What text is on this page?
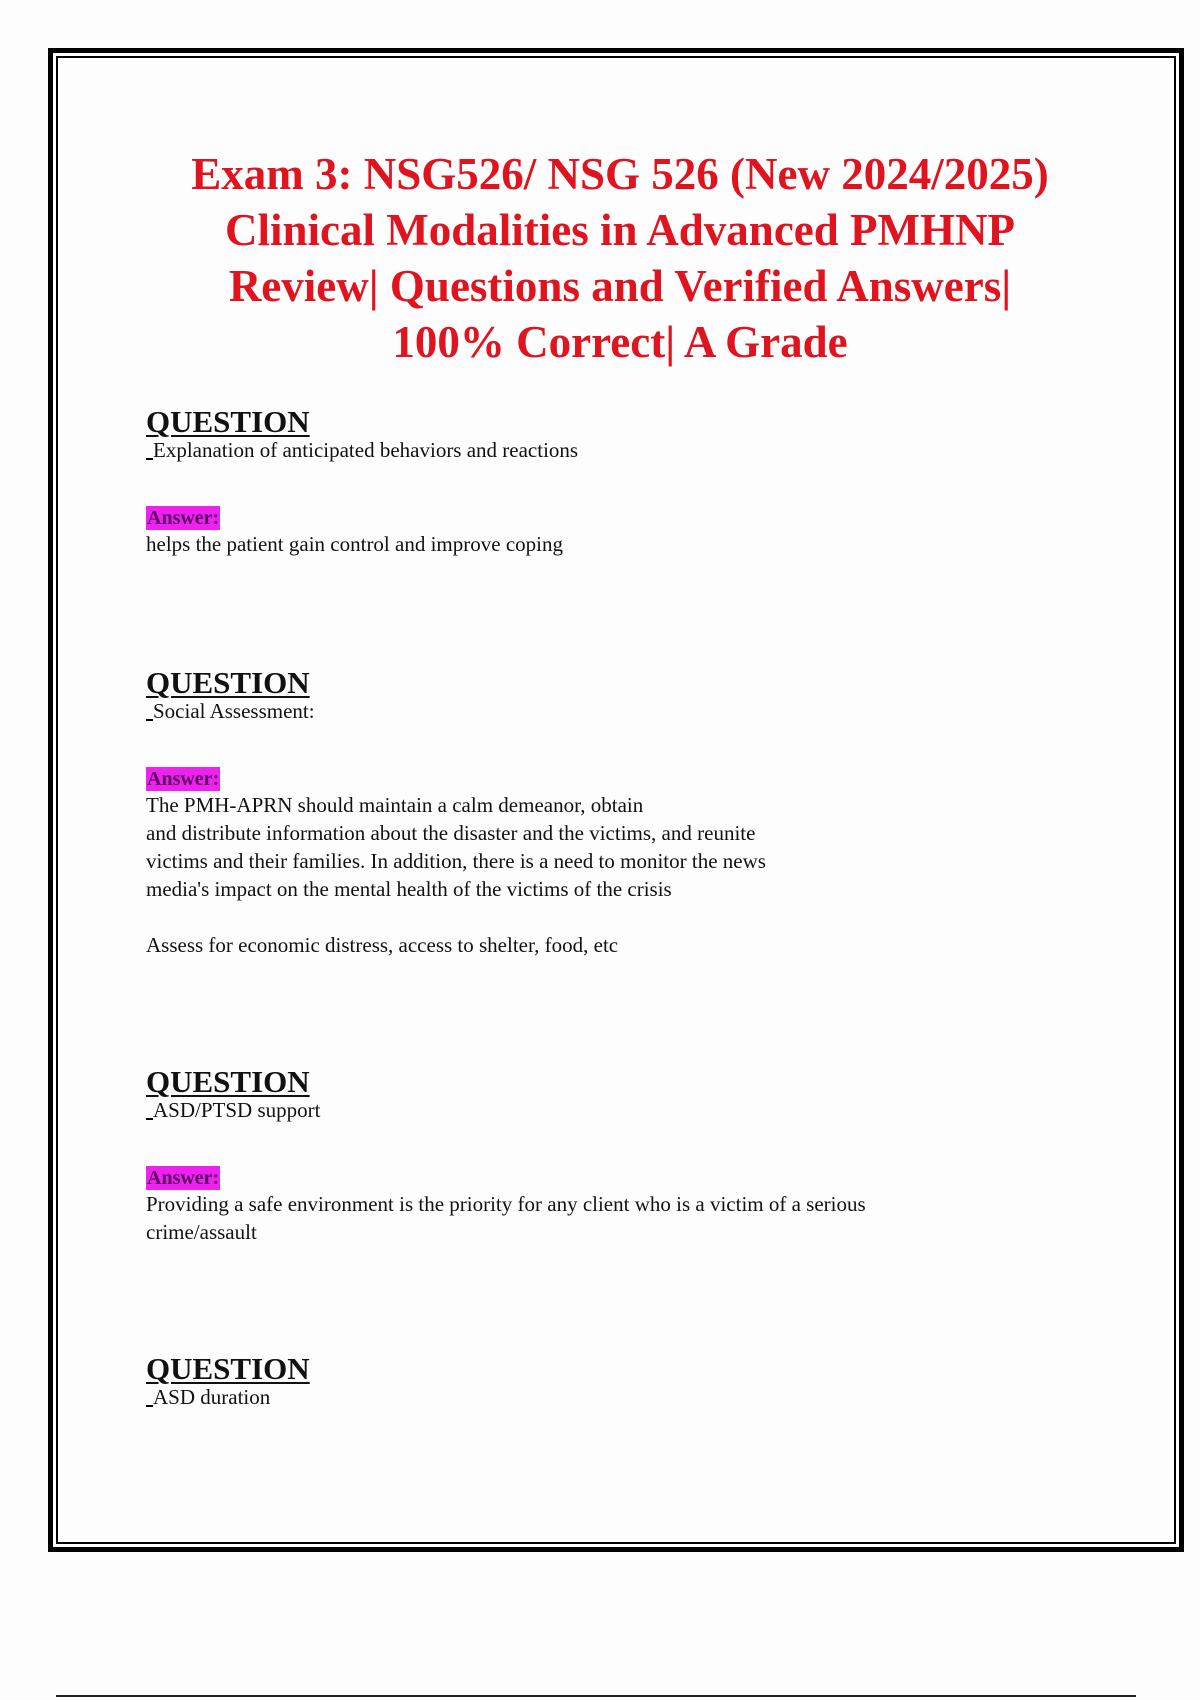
Exam 3: NSG526/ NSG 526 (New 2024/2025)
Clinical Modalities in Advanced PMHNP
Review| Questions and Verified Answers|
100% Correct| A Grade
QUESTION
Explanation of anticipated behaviors and reactions
Answer:
helps the patient gain control and improve coping
QUESTION
Social Assessment:
Answer:
The PMH-APRN should maintain a calm demeanor, obtain
and distribute information about the disaster and the victims, and reunite
victims and their families. In addition, there is a need to monitor the news
media's impact on the mental health of the victims of the crisis
Assess for economic distress, access to shelter, food, etc
QUESTION
ASD/PTSD support
Answer:
Providing a safe environment is the priority for any client who is a victim of a serious
crime/assault
QUESTION
ASD duration
